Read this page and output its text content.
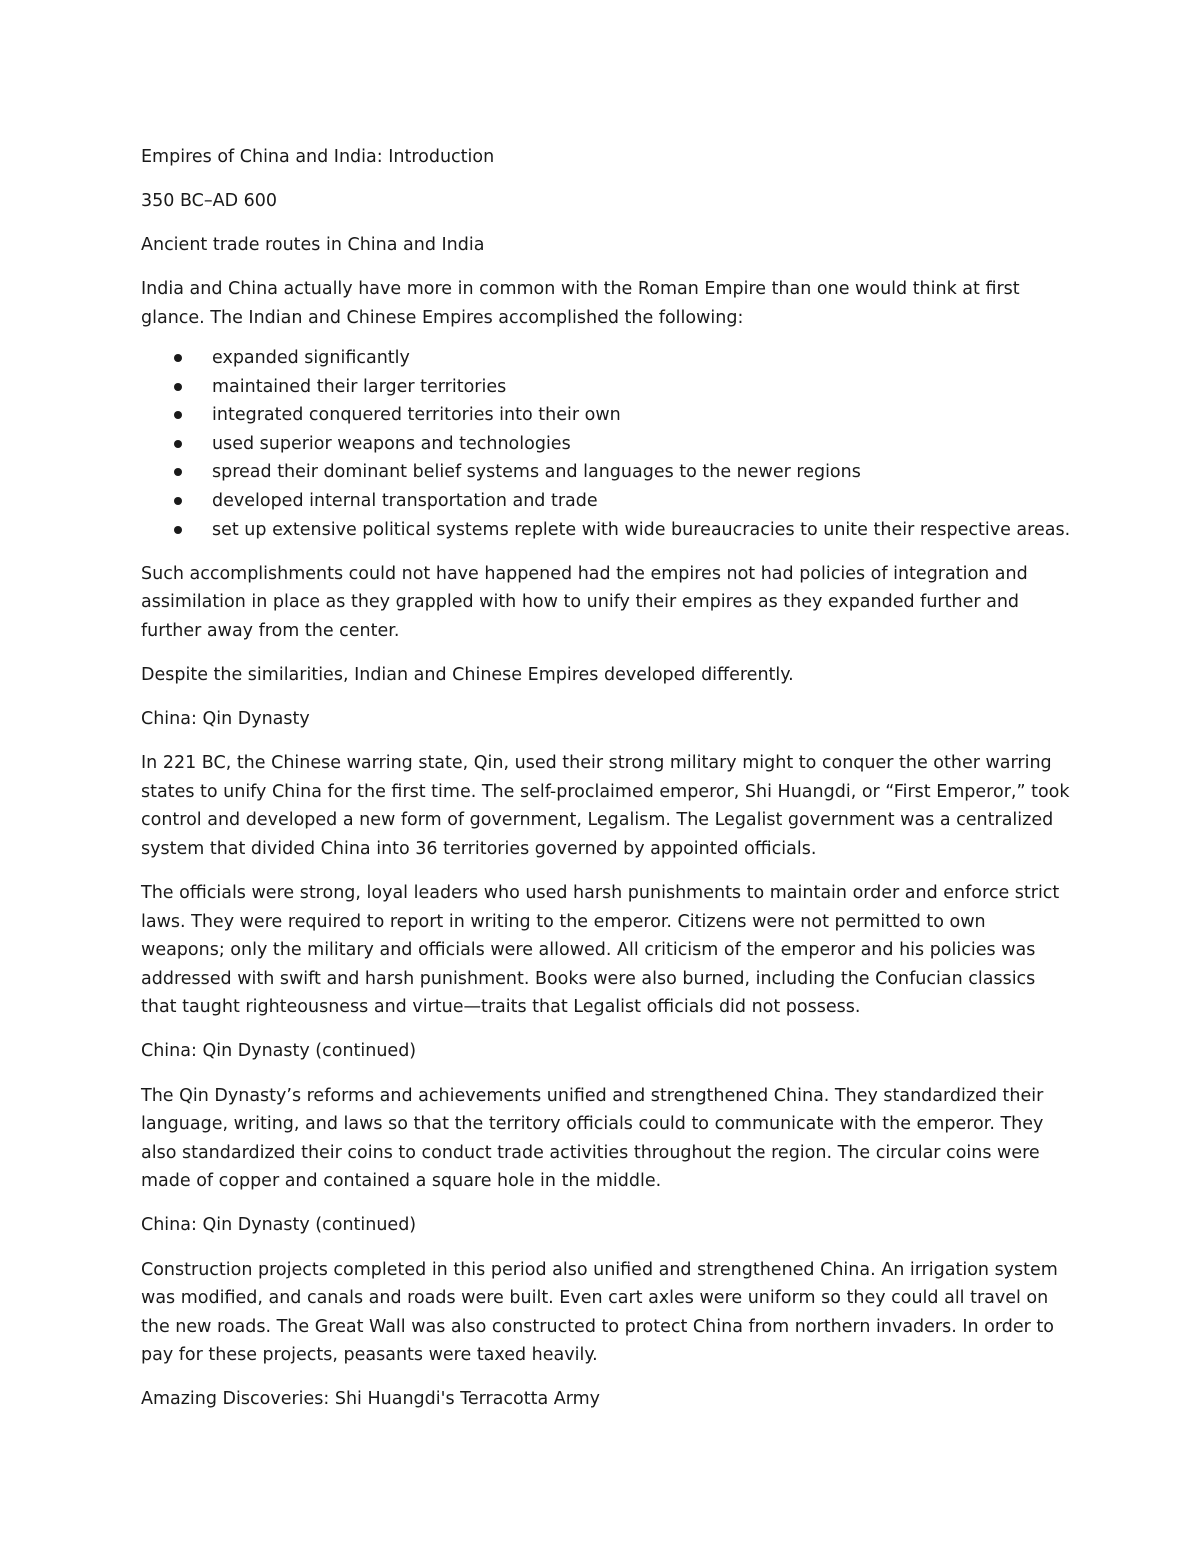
Empires of China and India: Introduction

350 BC–AD 600

Ancient trade routes in China and India

India and China actually have more in common with the Roman Empire than one would think at first glance. The Indian and Chinese Empires accomplished the following:

expanded significantly
maintained their larger territories
integrated conquered territories into their own
used superior weapons and technologies
spread their dominant belief systems and languages to the newer regions
developed internal transportation and trade
set up extensive political systems replete with wide bureaucracies to unite their respective areas.

Such accomplishments could not have happened had the empires not had policies of integration and assimilation in place as they grappled with how to unify their empires as they expanded further and further away from the center.

Despite the similarities, Indian and Chinese Empires developed differently.

China: Qin Dynasty

In 221 BC, the Chinese warring state, Qin, used their strong military might to conquer the other warring states to unify China for the first time. The self-proclaimed emperor, Shi Huangdi, or “First Emperor,” took control and developed a new form of government, Legalism. The Legalist government was a centralized system that divided China into 36 territories governed by appointed officials.

The officials were strong, loyal leaders who used harsh punishments to maintain order and enforce strict laws. They were required to report in writing to the emperor. Citizens were not permitted to own weapons; only the military and officials were allowed. All criticism of the emperor and his policies was addressed with swift and harsh punishment. Books were also burned, including the Confucian classics that taught righteousness and virtue—traits that Legalist officials did not possess.

China: Qin Dynasty (continued)

The Qin Dynasty’s reforms and achievements unified and strengthened China. They standardized their language, writing, and laws so that the territory officials could to communicate with the emperor. They also standardized their coins to conduct trade activities throughout the region. The circular coins were made of copper and contained a square hole in the middle.

China: Qin Dynasty (continued)

Construction projects completed in this period also unified and strengthened China. An irrigation system was modified, and canals and roads were built. Even cart axles were uniform so they could all travel on the new roads. The Great Wall was also constructed to protect China from northern invaders. In order to pay for these projects, peasants were taxed heavily.

Amazing Discoveries: Shi Huangdi's Terracotta Army
